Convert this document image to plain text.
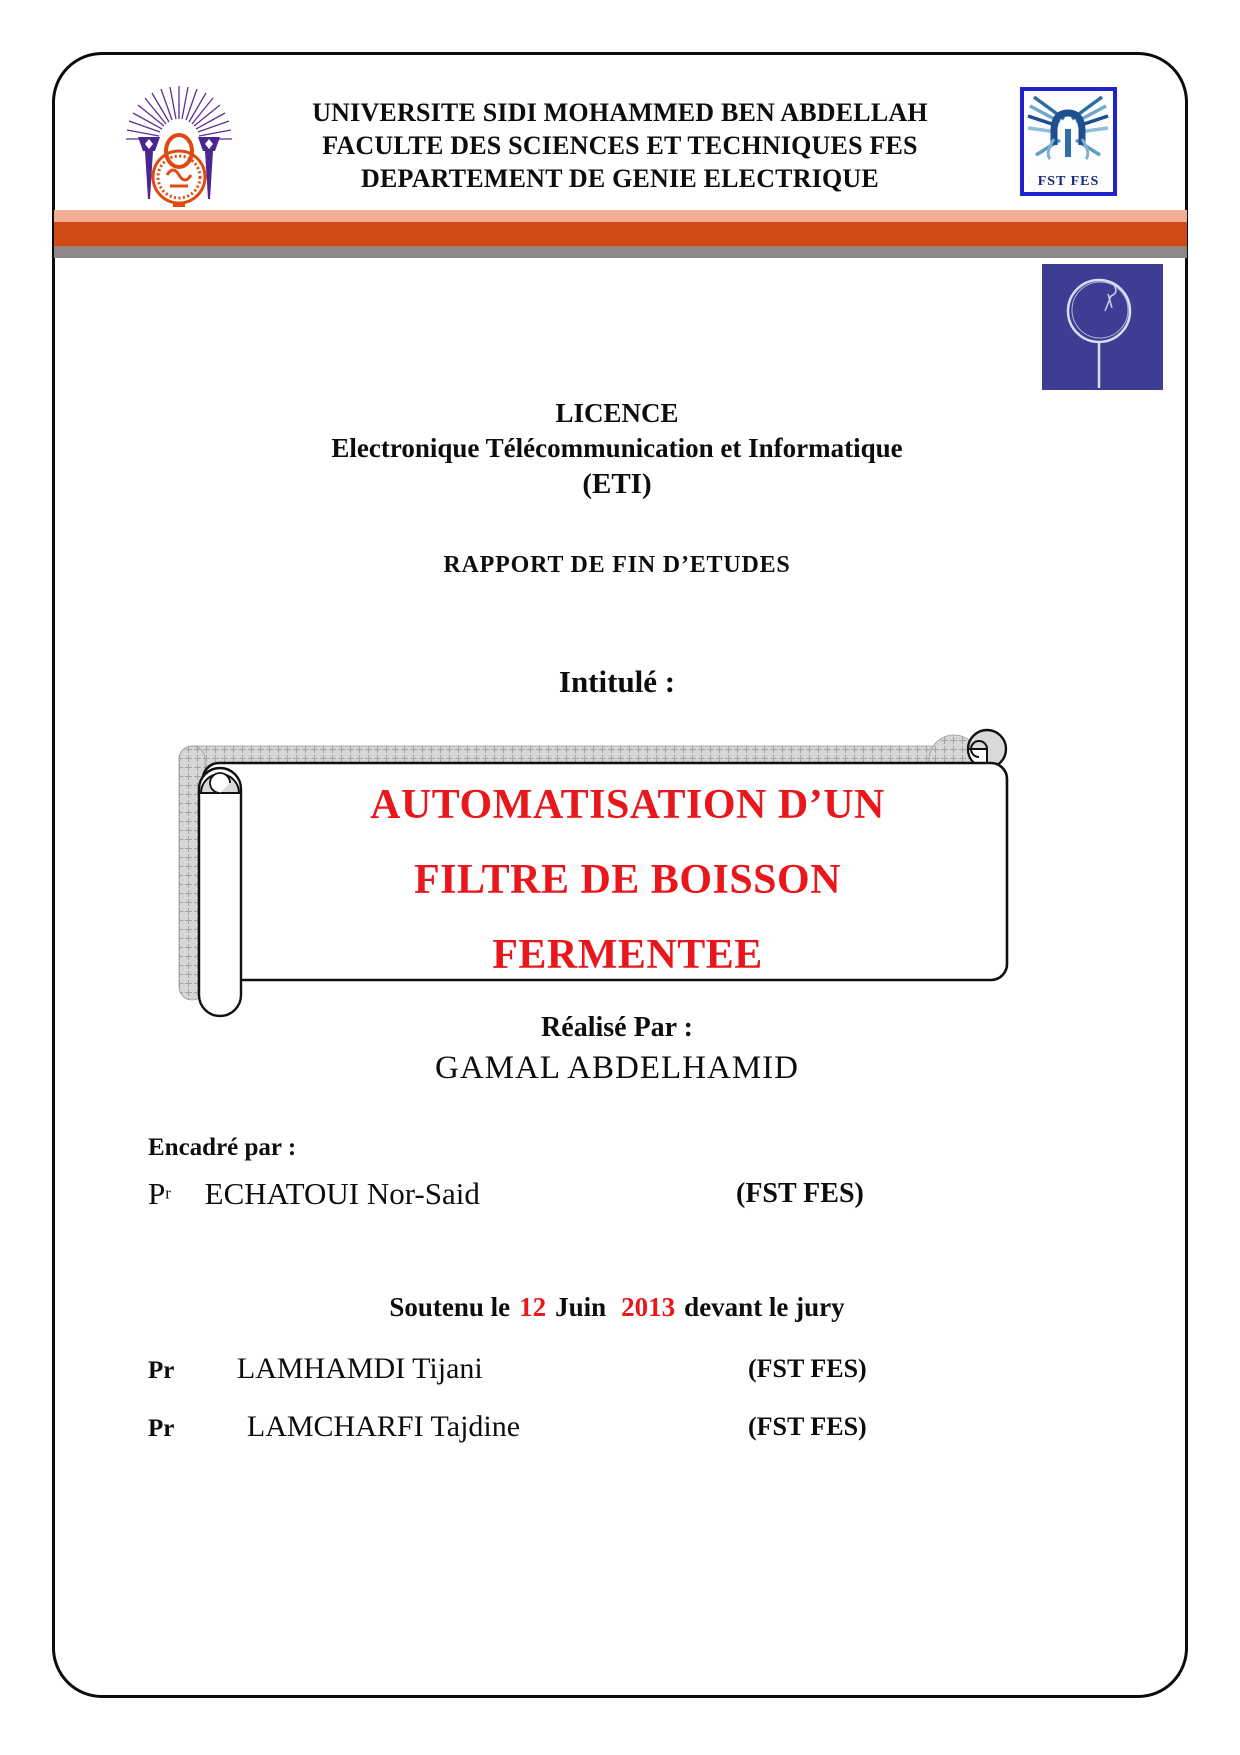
UNIVERSITE SIDI MOHAMMED BEN ABDELLAH
FACULTE DES SCIENCES ET TECHNIQUES FES
DEPARTEMENT DE GENIE ELECTRIQUE	FST FES
LICENCE
Electronique Télécommunication et Informatique
(ETI)
RAPPORT DE FIN D’ETUDES
Intitulé :
AUTOMATISATION D’UN
FILTRE DE BOISSON
FERMENTEE
Réalisé Par :
GAMAL ABDELHAMID
Encadré par :
$P^r$ ECHATOUI Nor-Said	(FST FES)
Soutenu le 12 Juin 2013 devant le jury
Pr LAMHAMDI Tijani	(FST FES)
Pr LAMCHARFI Tajdine	(FST FES)
